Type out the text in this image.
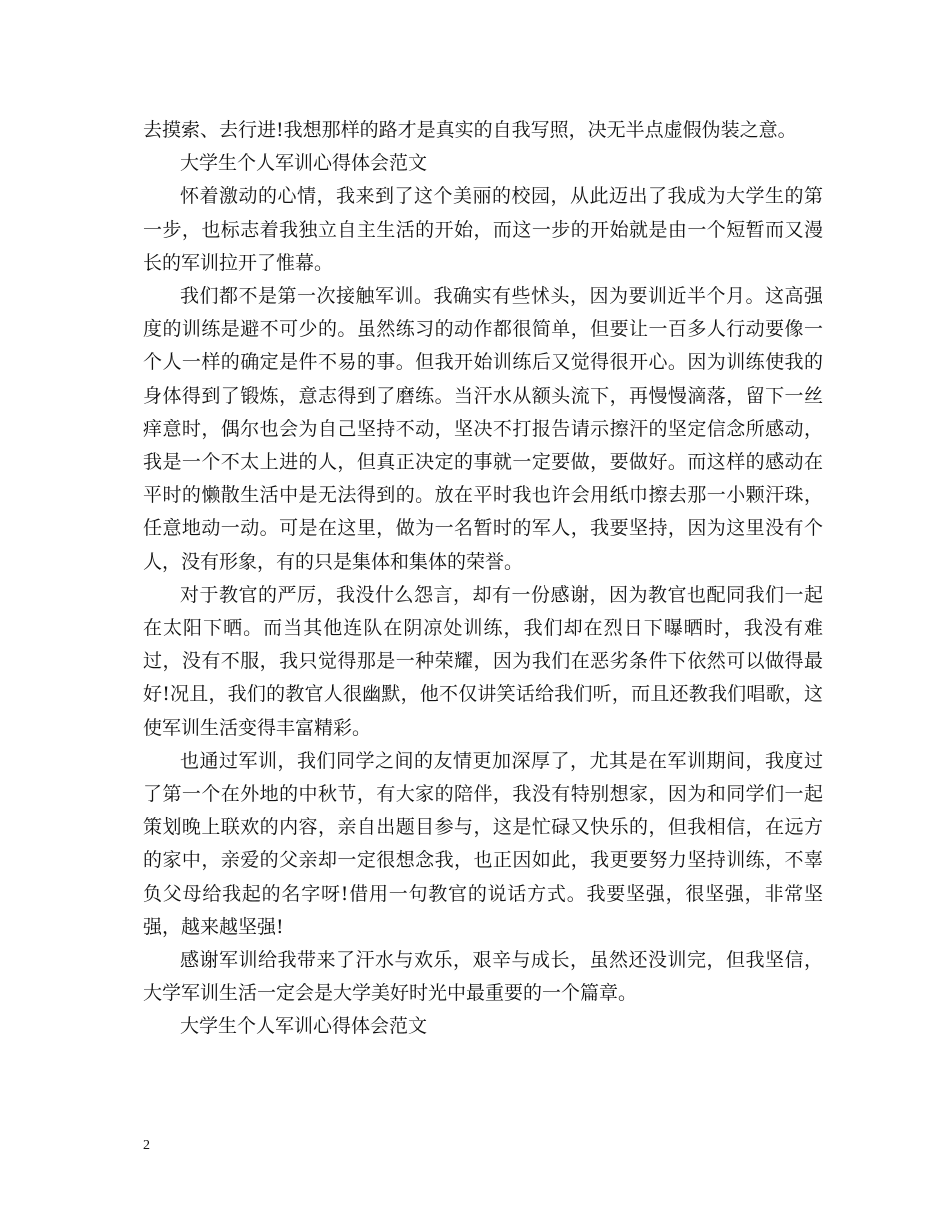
去摸索、去行进!我想那样的路才是真实的自我写照，决无半点虚假伪装之意。

大学生个人军训心得体会范文

怀着激动的心情，我来到了这个美丽的校园，从此迈出了我成为大学生的第一步，也标志着我独立自主生活的开始，而这一步的开始就是由一个短暂而又漫长的军训拉开了惟幕。

我们都不是第一次接触军训。我确实有些怵头，因为要训近半个月。这高强度的训练是避不可少的。虽然练习的动作都很简单，但要让一百多人行动要像一个人一样的确定是件不易的事。但我开始训练后又觉得很开心。因为训练使我的身体得到了锻炼，意志得到了磨练。当汗水从额头流下，再慢慢滴落，留下一丝痒意时，偶尔也会为自己坚持不动，坚决不打报告请示擦汗的坚定信念所感动，我是一个不太上进的人，但真正决定的事就一定要做，要做好。而这样的感动在平时的懒散生活中是无法得到的。放在平时我也许会用纸巾擦去那一小颗汗珠，任意地动一动。可是在这里，做为一名暂时的军人，我要坚持，因为这里没有个人，没有形象，有的只是集体和集体的荣誉。

对于教官的严厉，我没什么怨言，却有一份感谢，因为教官也配同我们一起在太阳下晒。而当其他连队在阴凉处训练，我们却在烈日下曝晒时，我没有难过，没有不服，我只觉得那是一种荣耀，因为我们在恶劣条件下依然可以做得最好!况且，我们的教官人很幽默，他不仅讲笑话给我们听，而且还教我们唱歌，这使军训生活变得丰富精彩。

也通过军训，我们同学之间的友情更加深厚了，尤其是在军训期间，我度过了第一个在外地的中秋节，有大家的陪伴，我没有特别想家，因为和同学们一起策划晚上联欢的内容，亲自出题目参与，这是忙碌又快乐的，但我相信，在远方的家中，亲爱的父亲却一定很想念我，也正因如此，我更要努力坚持训练，不辜负父母给我起的名字呀!借用一句教官的说话方式。我要坚强，很坚强，非常坚强，越来越坚强!

感谢军训给我带来了汗水与欢乐，艰辛与成长，虽然还没训完，但我坚信，大学军训生活一定会是大学美好时光中最重要的一个篇章。

大学生个人军训心得体会范文

2
